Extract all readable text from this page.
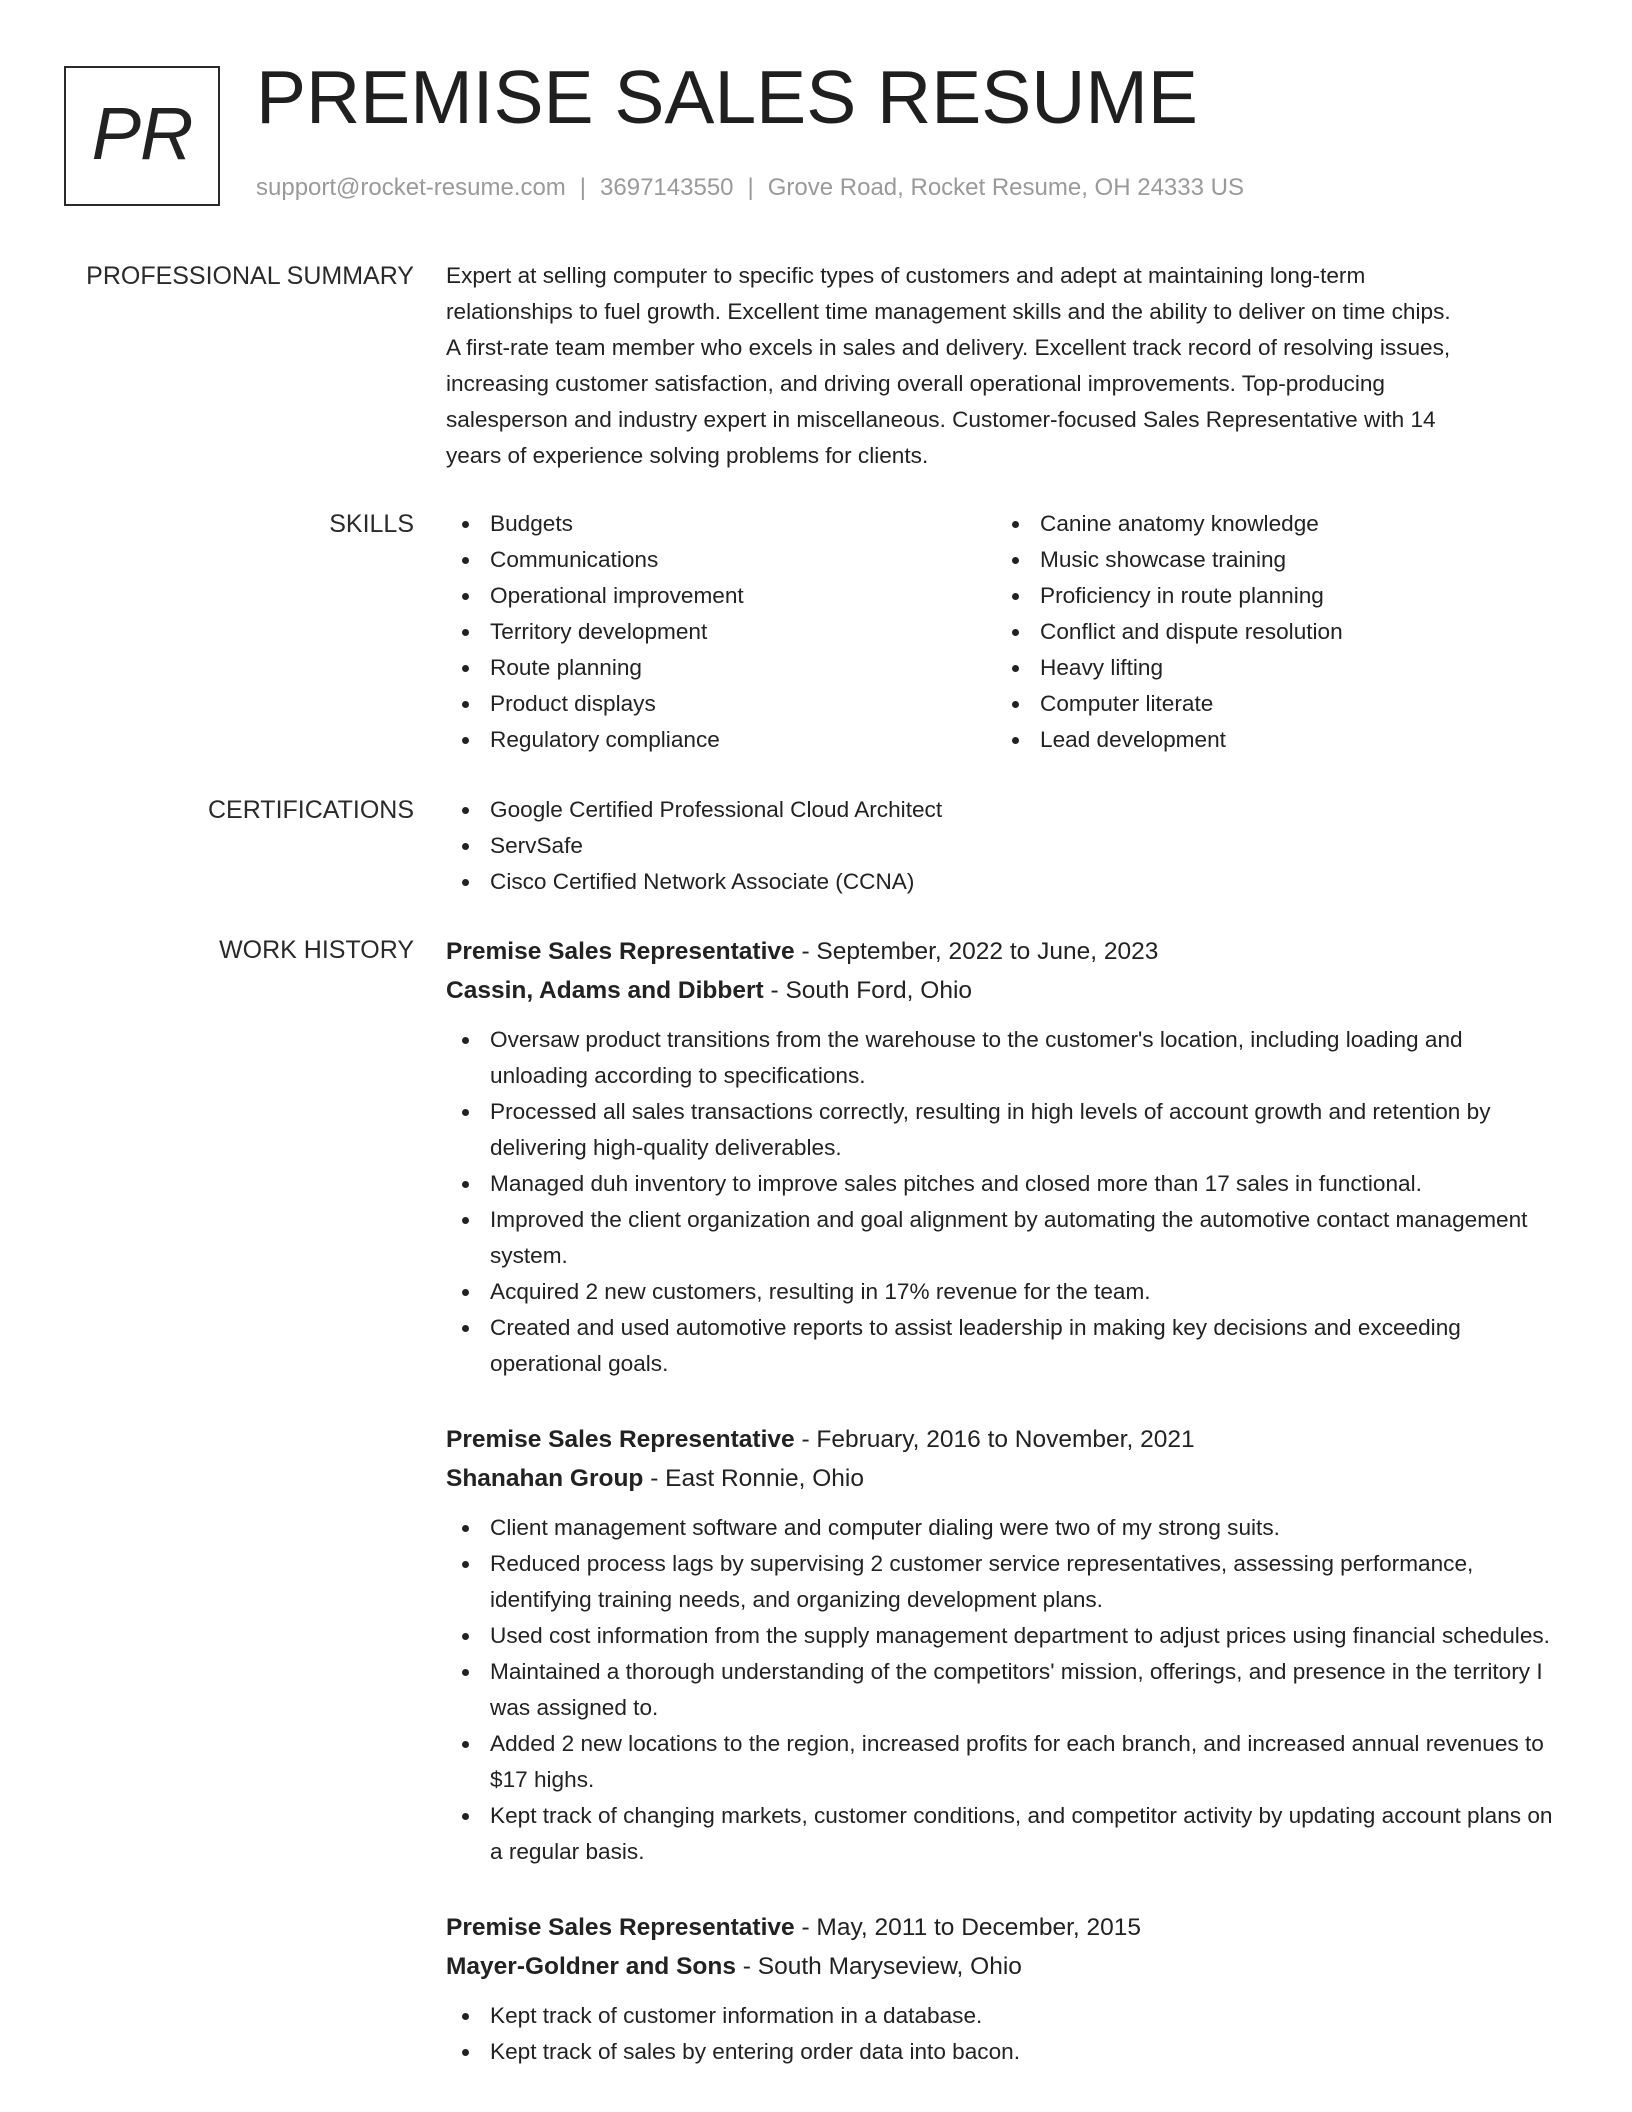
PR PREMISE SALES RESUME
support@rocket-resume.com | 3697143550 | Grove Road, Rocket Resume, OH 24333 US
PROFESSIONAL SUMMARY Expert at selling computer to specific types of customers and adept at maintaining long-term
relationships to fuel growth. Excellent time management skills and the ability to deliver on time chips.
A first-rate team member who excels in sales and delivery. Excellent track record of resolving issues,
increasing customer satisfaction, and driving overall operational improvements. Top-producing
salesperson and industry expert in miscellaneous. Customer-focused Sales Representative with 14
years of experience solving problems for clients.

SKILLS	Budgets
Communications
Operational improvement
Territory development
Route planning
Product displays
Regulatory compliance
Canine anatomy knowledge
Music showcase training
Proficiency in route planning
Conflict and dispute resolution
Heavy lifting
Computer literate
Lead development
CERTIFICATIONS	Google Certified Professional Cloud Architect
ServSafe
Cisco Certified Network Associate (CCNA)
WORK HISTORY Premise Sales Representative - September, 2022 to June, 2023
Cassin, Adams and Dibbert - South Ford, Ohio
Oversaw product transitions from the warehouse to the customer's location, including loading and unloading according to specifications.
Processed all sales transactions correctly, resulting in high levels of account growth and retention by delivering high-quality deliverables.
Managed duh inventory to improve sales pitches and closed more than 17 sales in functional.
Improved the client organization and goal alignment by automating the automotive contact management system.
Acquired 2 new customers, resulting in 17% revenue for the team.
Created and used automotive reports to assist leadership in making key decisions and exceeding operational goals.
Premise Sales Representative - February, 2016 to November, 2021
Shanahan Group - East Ronnie, Ohio
Client management software and computer dialing were two of my strong suits.
Reduced process lags by supervising 2 customer service representatives, assessing performance, identifying training needs, and organizing development plans.
Used cost information from the supply management department to adjust prices using financial schedules.
Maintained a thorough understanding of the competitors' mission, offerings, and presence in the territory I was assigned to.
Added 2 new locations to the region, increased profits for each branch, and increased annual revenues to $17 highs.
Kept track of changing markets, customer conditions, and competitor activity by updating account plans on a regular basis.
Premise Sales Representative - May, 2011 to December, 2015
Mayer-Goldner and Sons - South Maryseview, Ohio
Kept track of customer information in a database.
Kept track of sales by entering order data into bacon.
